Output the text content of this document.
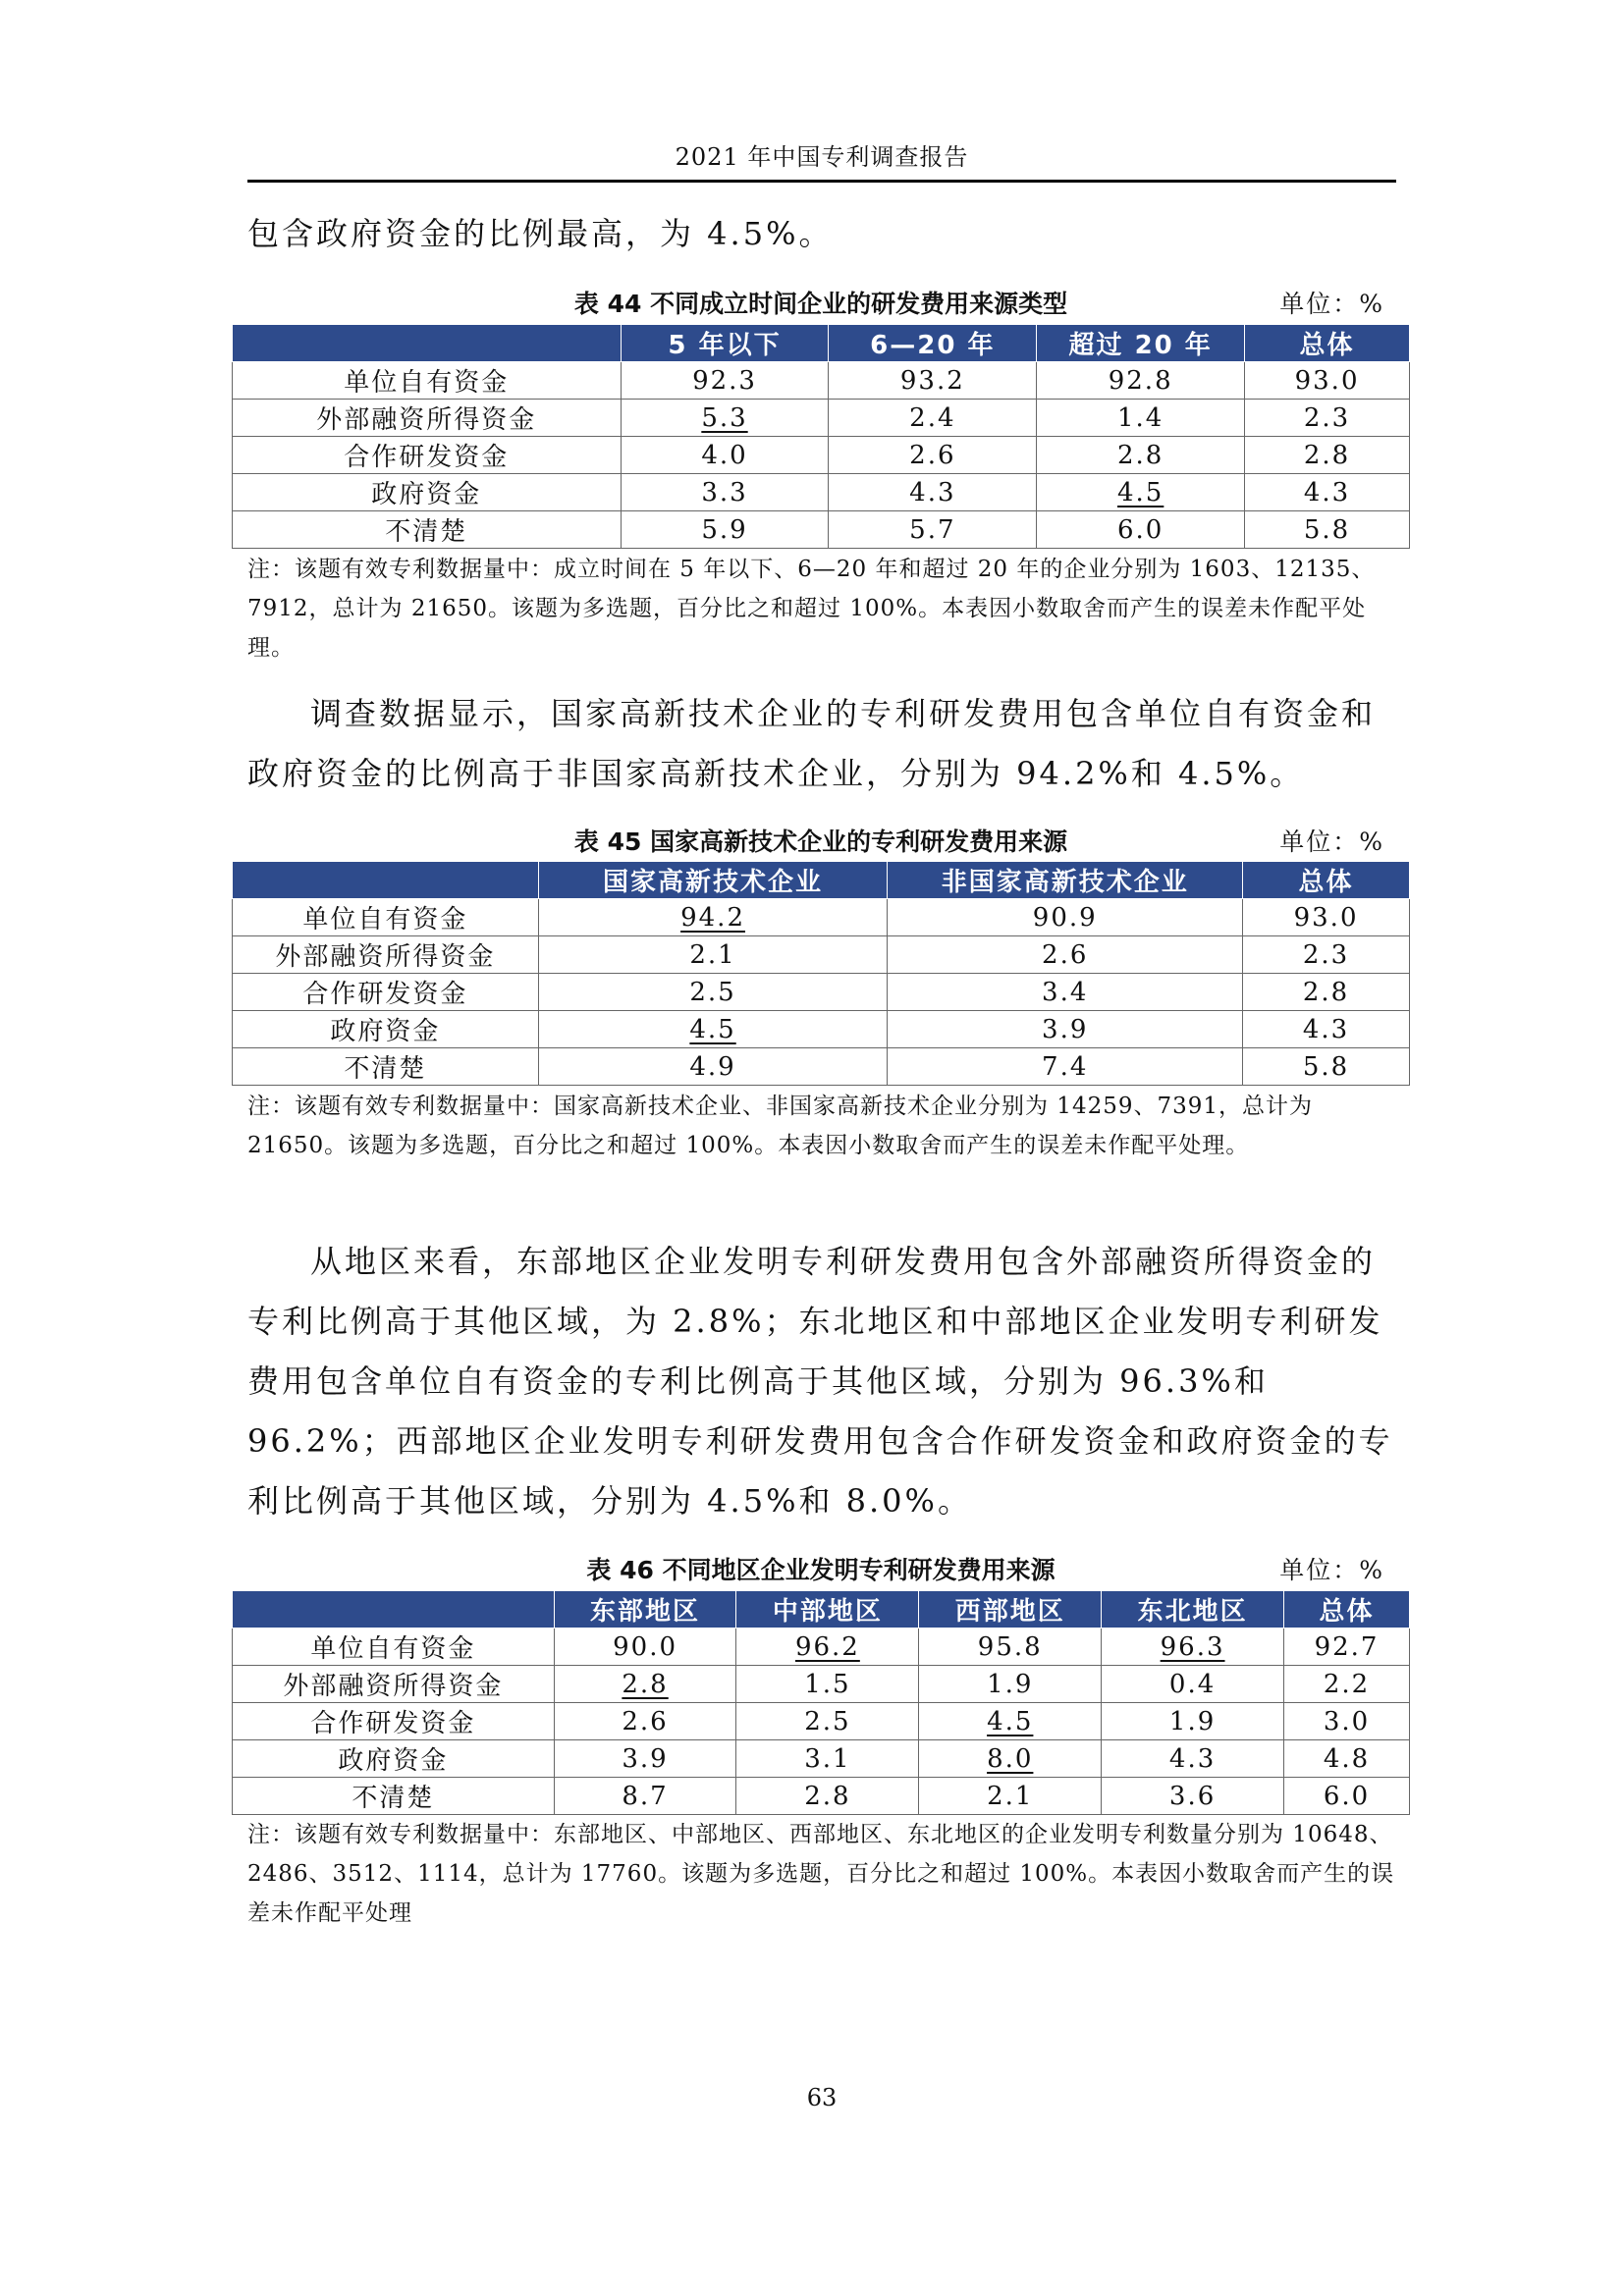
2021 年中国专利调查报告

包含政府资金的比例最高，为 4.5%。

表 44 不同成立时间企业的研发费用来源类型	单位：%
	5 年以下	6—20 年	超过 20 年	总体
单位自有资金	92.3	93.2	92.8	93.0
外部融资所得资金	5.3	2.4	1.4	2.3
合作研发资金	4.0	2.6	2.8	2.8
政府资金	3.3	4.3	4.5	4.3
不清楚	5.9	5.7	6.0	5.8

注：该题有效专利数据量中：成立时间在 5 年以下、6—20 年和超过 20 年的企业分别为 1603、12135、7912，总计为 21650。该题为多选题，百分比之和超过 100%。本表因小数取舍而产生的误差未作配平处理。

调查数据显示，国家高新技术企业的专利研发费用包含单位自有资金和政府资金的比例高于非国家高新技术企业，分别为 94.2%和 4.5%。

表 45 国家高新技术企业的专利研发费用来源	单位：%
	国家高新技术企业	非国家高新技术企业	总体
单位自有资金	94.2	90.9	93.0
外部融资所得资金	2.1	2.6	2.3
合作研发资金	2.5	3.4	2.8
政府资金	4.5	3.9	4.3
不清楚	4.9	7.4	5.8

注：该题有效专利数据量中：国家高新技术企业、非国家高新技术企业分别为 14259、7391，总计为 21650。该题为多选题，百分比之和超过 100%。本表因小数取舍而产生的误差未作配平处理。

从地区来看，东部地区企业发明专利研发费用包含外部融资所得资金的专利比例高于其他区域，为 2.8%；东北地区和中部地区企业发明专利研发费用包含单位自有资金的专利比例高于其他区域，分别为 96.3%和 96.2%；西部地区企业发明专利研发费用包含合作研发资金和政府资金的专利比例高于其他区域，分别为 4.5%和 8.0%。

表 46 不同地区企业发明专利研发费用来源	单位：%
	东部地区	中部地区	西部地区	东北地区	总体
单位自有资金	90.0	96.2	95.8	96.3	92.7
外部融资所得资金	2.8	1.5	1.9	0.4	2.2
合作研发资金	2.6	2.5	4.5	1.9	3.0
政府资金	3.9	3.1	8.0	4.3	4.8
不清楚	8.7	2.8	2.1	3.6	6.0

注：该题有效专利数据量中：东部地区、中部地区、西部地区、东北地区的企业发明专利数量分别为 10648、2486、3512、1114，总计为 17760。该题为多选题，百分比之和超过 100%。本表因小数取舍而产生的误差未作配平处理

63
